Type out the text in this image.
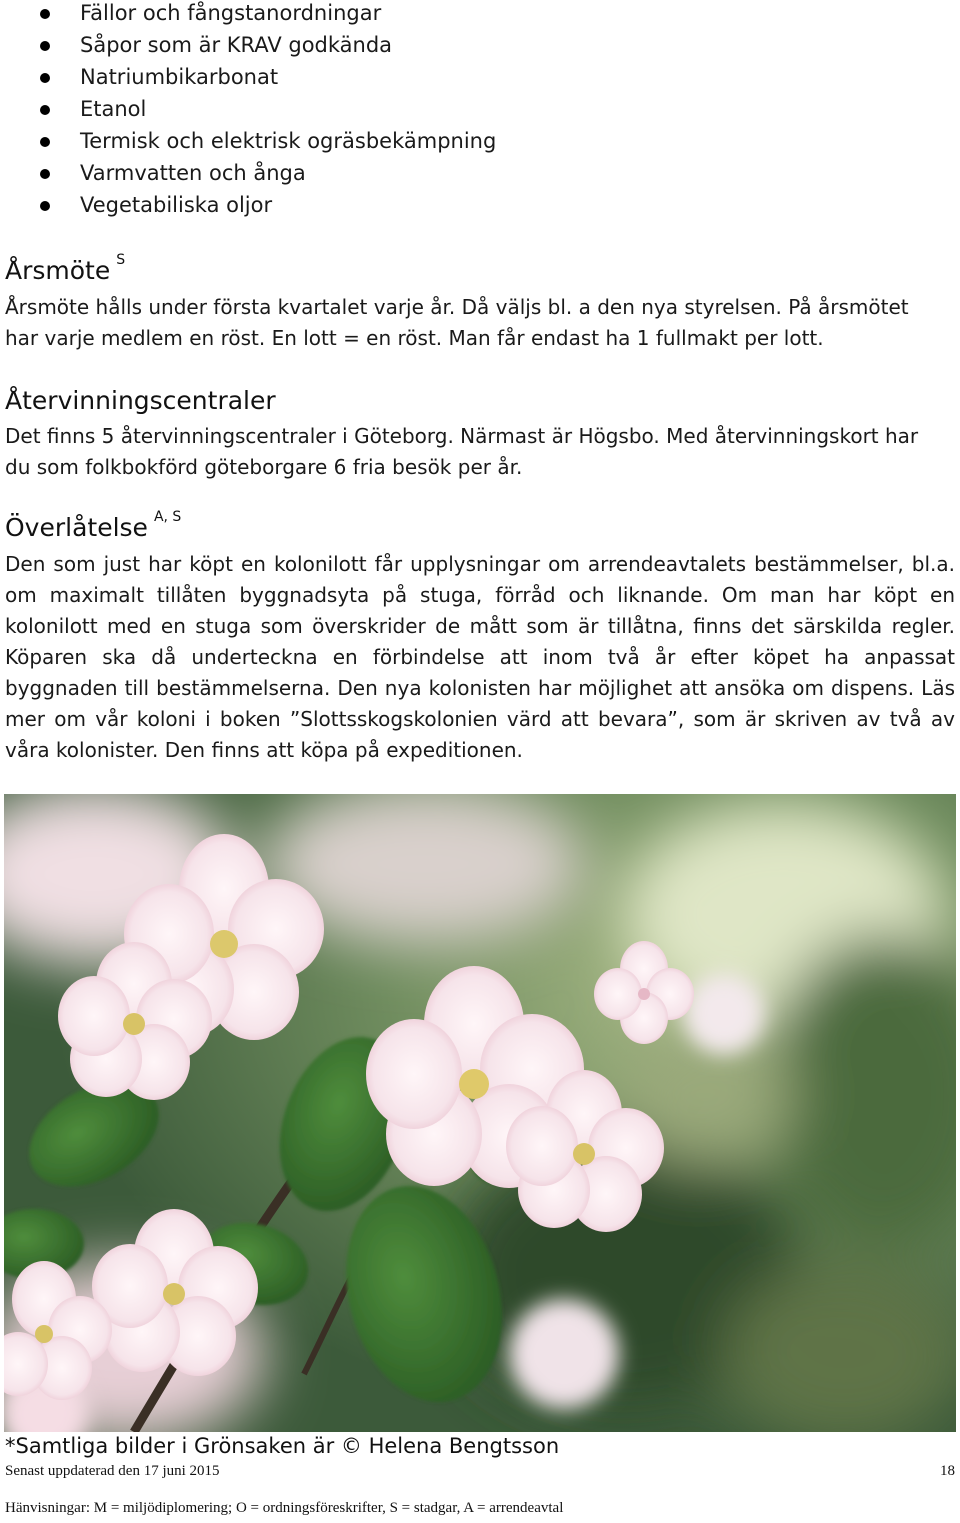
Fällor och fångstanordningar
Såpor som är KRAV godkända
Natriumbikarbonat
Etanol
Termisk och elektrisk ogräsbekämpning
Varmvatten och ånga
Vegetabiliska oljor
Årsmöte $^S$
Årsmöte hålls under första kvartalet varje år. Då väljs bl. a den nya styrelsen. På årsmötet
har varje medlem en röst. En lott = en röst. Man får endast ha 1 fullmakt per lott.
Återvinningscentraler
Det finns 5 återvinningscentraler i Göteborg. Närmast är Högsbo. Med återvinningskort har
du som folkbokförd göteborgare 6 fria besök per år.
Överlåtelse $^{A, S}$
Den som just har köpt en kolonilott får upplysningar om arrendeavtalets bestämmelser, bl.a. om maximalt tillåten byggnadsyta på stuga, förråd och liknande. Om man har köpt en kolonilott med en stuga som överskrider de mått som är tillåtna, finns det särskilda regler. Köparen ska då underteckna en förbindelse att inom två år efter köpet ha anpassat byggnaden till bestämmelserna. Den nya kolonisten har möjlighet att ansöka om dispens. Läs mer om vår koloni i boken ”Slottsskogskolonien värd att bevara”, som är skriven av två av våra kolonister. Den finns att köpa på expeditionen.
*Samtliga bilder i Grönsaken är © Helena Bengtsson
Senast uppdaterad den 17 juni 2015	18
Hänvisningar: M = miljödiplomering; O = ordningsföreskrifter, S = stadgar, A = arrendeavtal
